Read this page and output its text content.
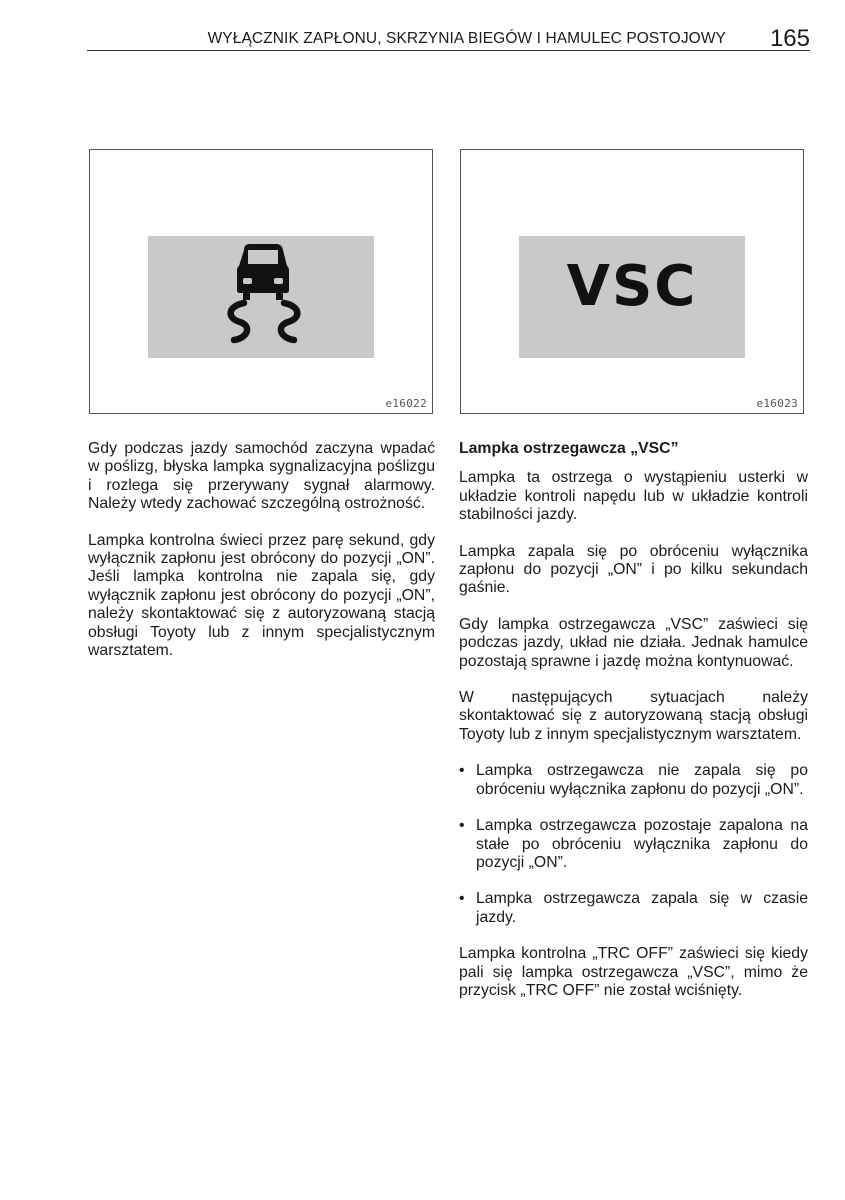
WYŁĄCZNIK ZAPŁONU, SKRZYNIA BIEGÓW I HAMULEC POSTOJOWY	165
e16022
VSC
e16023

Gdy podczas jazdy samochód zaczyna wpadać w poślizg, błyska lampka sygnalizacyjna poślizgu i rozlega się przerywany sygnał alarmowy. Należy wtedy zachować szczególną ostrożność.

Lampka kontrolna świeci przez parę sekund, gdy wyłącznik zapłonu jest obrócony do pozycji „ON”. Jeśli lampka kontrolna nie zapala się, gdy wyłącznik zapłonu jest obrócony do pozycji „ON”, należy skontaktować się z autoryzowaną stacją obsługi Toyoty lub z innym specjalistycznym warsztatem.

Lampka ostrzegawcza „VSC”

Lampka ta ostrzega o wystąpieniu usterki w układzie kontroli napędu lub w układzie kontroli stabilności jazdy.

Lampka zapala się po obróceniu wyłącznika zapłonu do pozycji „ON” i po kilku sekundach gaśnie.

Gdy lampka ostrzegawcza „VSC” zaświeci się podczas jazdy, układ nie działa. Jednak hamulce pozostają sprawne i jazdę można kontynuować.

W następujących sytuacjach należy skontaktować się z autoryzowaną stacją obsługi Toyoty lub z innym specjalistycznym warsztatem.

• Lampka ostrzegawcza nie zapala się po obróceniu wyłącznika zapłonu do pozycji „ON”.
• Lampka ostrzegawcza pozostaje zapalona na stałe po obróceniu wyłącznika zapłonu do pozycji „ON”.
• Lampka ostrzegawcza zapala się w czasie jazdy.

Lampka kontrolna „TRC OFF” zaświeci się kiedy pali się lampka ostrzegawcza „VSC”, mimo że przycisk „TRC OFF” nie został wciśnięty.
